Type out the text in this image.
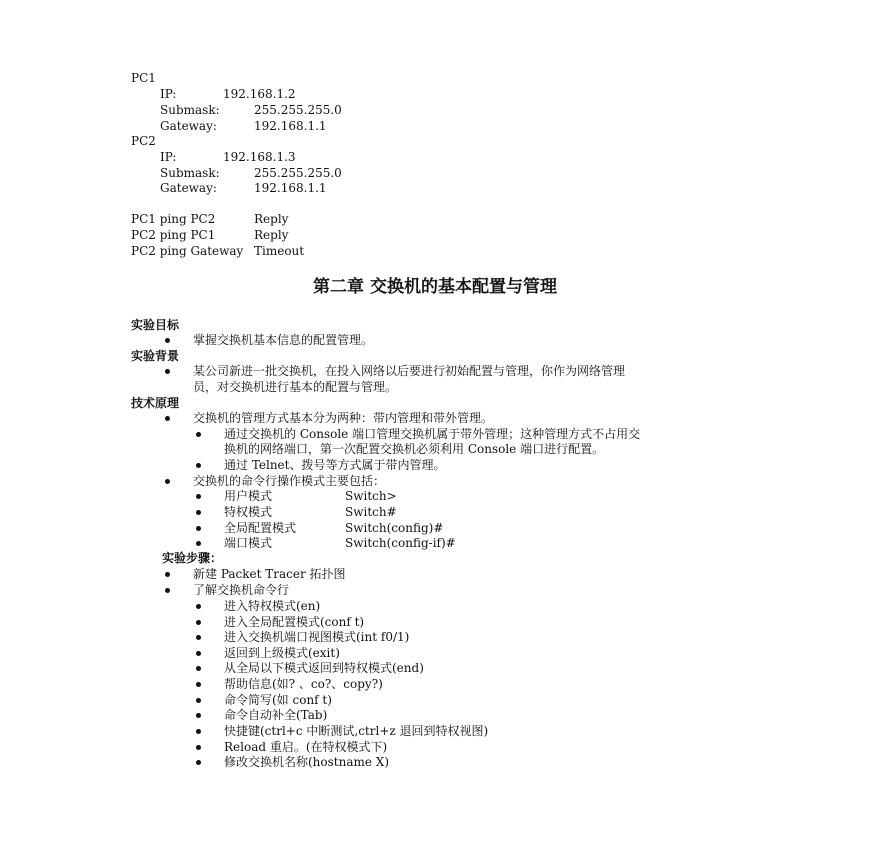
PC1
IP:	192.168.1.2
Submask:	255.255.255.0
Gateway:	192.168.1.1
PC2
IP:	192.168.1.3
Submask:	255.255.255.0
Gateway:	192.168.1.1
PC1 ping PC2	Reply
PC2 ping PC1	Reply
PC2 ping Gateway Timeout
第二章 交换机的基本配置与管理
实验目标
掌握交换机基本信息的配置管理。
实验背景
某公司新进一批交换机，在投入网络以后要进行初始配置与管理，你作为网络管理
员，对交换机进行基本的配置与管理。
技术原理
交换机的管理方式基本分为两种：带内管理和带外管理。
通过交换机的 Console 端口管理交换机属于带外管理；这种管理方式不占用交
换机的网络端口，第一次配置交换机必须利用 Console 端口进行配置。
通过 Telnet、拨号等方式属于带内管理。
交换机的命令行操作模式主要包括：
用户模式	Switch>
特权模式	Switch#
全局配置模式	Switch(config)#
端口模式	Switch(config-if)#
实验步骤：
新建 Packet Tracer 拓扑图
了解交换机命令行
进入特权模式(en)
进入全局配置模式(conf t)
进入交换机端口视图模式(int f0/1)
返回到上级模式(exit)
从全局以下模式返回到特权模式(end)
帮助信息(如? 、co?、copy?)
命令简写(如 conf t)
命令自动补全(Tab)
快捷键(ctrl+c 中断测试,ctrl+z 退回到特权视图)
Reload 重启。(在特权模式下)
修改交换机名称(hostname X)
